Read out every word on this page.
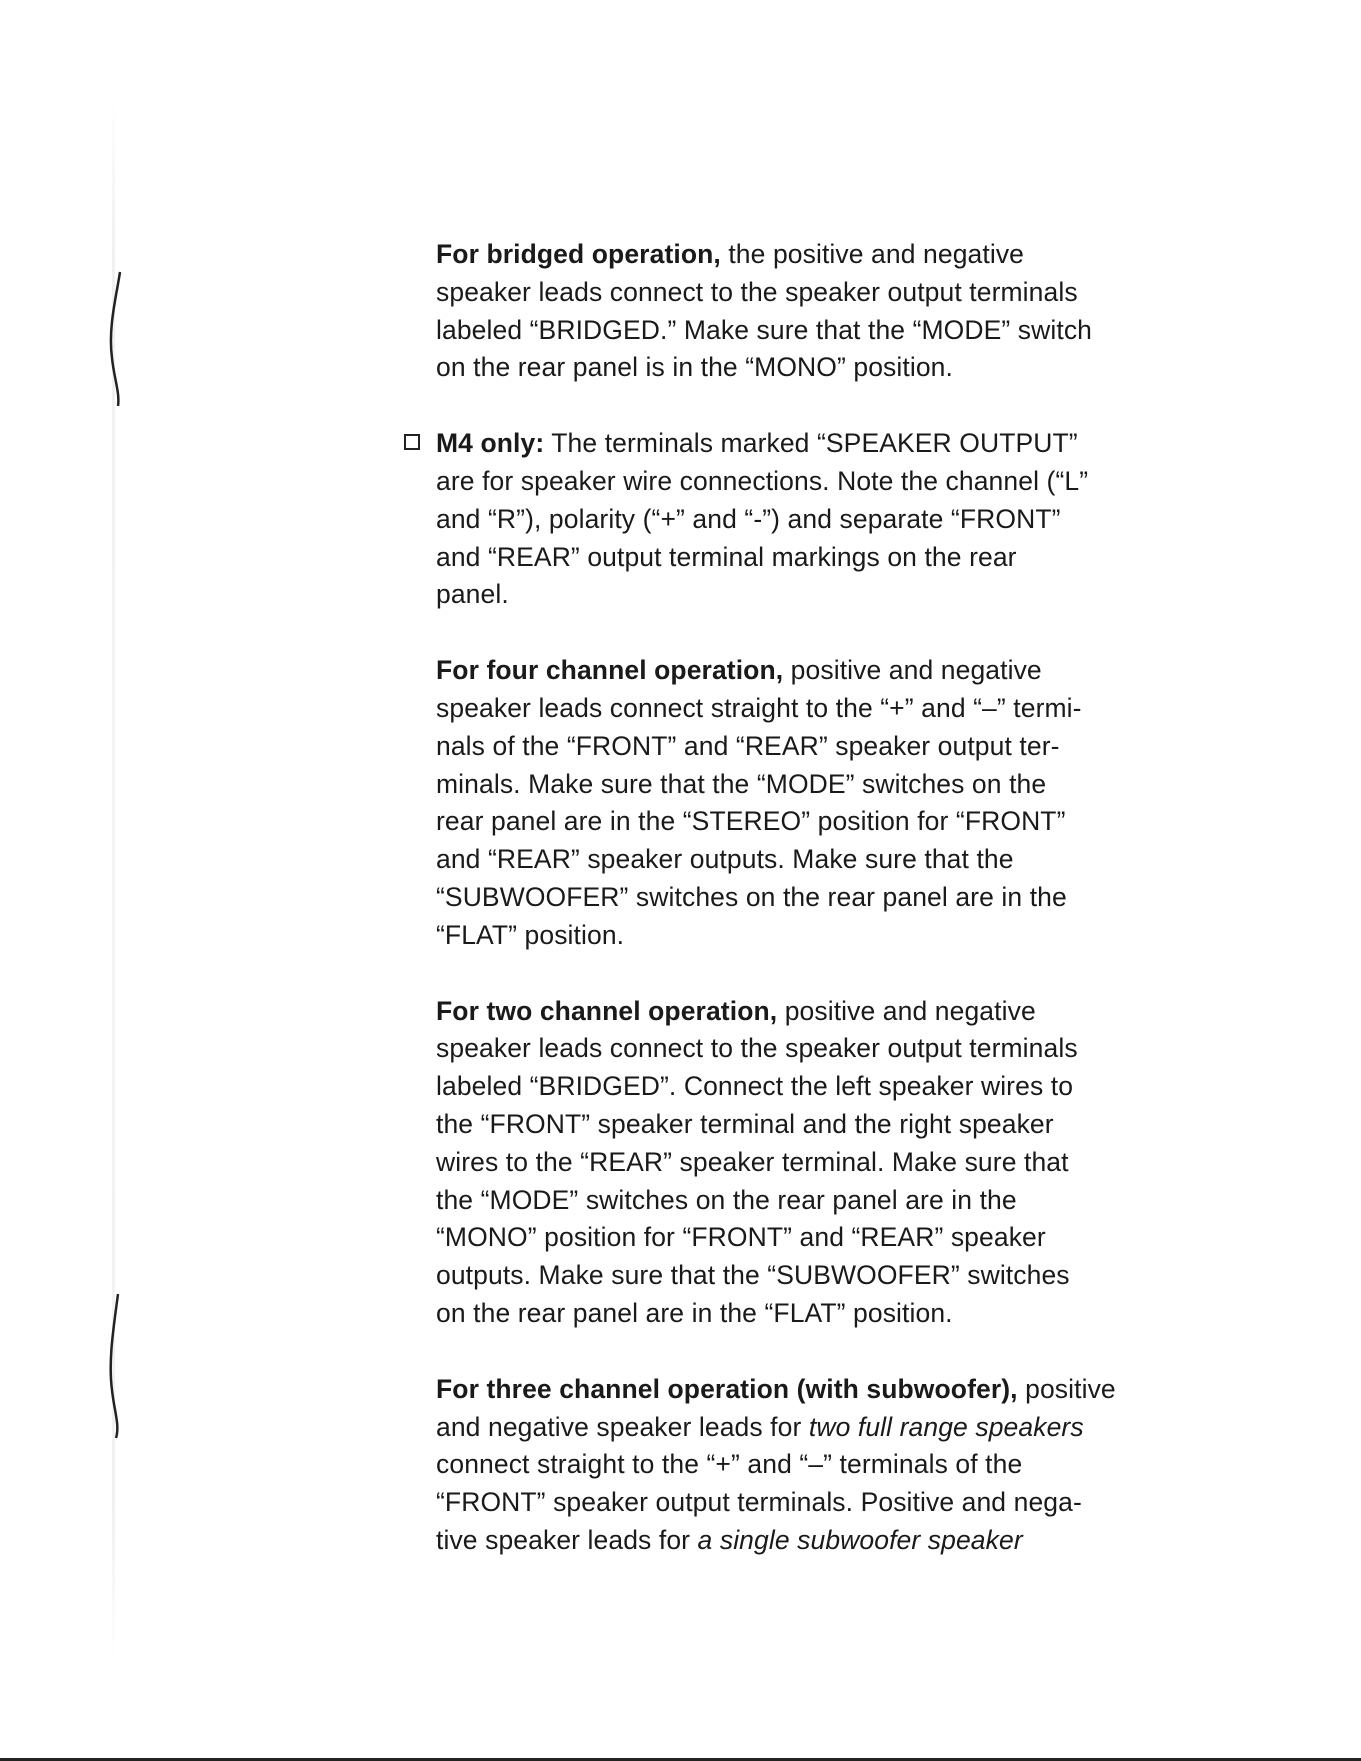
For bridged operation, the positive and negative
speaker leads connect to the speaker output terminals
labeled “BRIDGED.” Make sure that the “MODE” switch
on the rear panel is in the “MONO” position.
M4 only: The terminals marked “SPEAKER OUTPUT”
are for speaker wire connections. Note the channel (“L”
and “R”), polarity (“+” and “-”) and separate “FRONT”
and “REAR” output terminal markings on the rear
panel.
For four channel operation, positive and negative
speaker leads connect straight to the “+” and “–” termi-
nals of the “FRONT” and “REAR” speaker output ter-
minals. Make sure that the “MODE” switches on the
rear panel are in the “STEREO” position for “FRONT”
and “REAR” speaker outputs. Make sure that the
“SUBWOOFER” switches on the rear panel are in the
“FLAT” position.
For two channel operation, positive and negative
speaker leads connect to the speaker output terminals
labeled “BRIDGED”. Connect the left speaker wires to
the “FRONT” speaker terminal and the right speaker
wires to the “REAR” speaker terminal. Make sure that
the “MODE” switches on the rear panel are in the
“MONO” position for “FRONT” and “REAR” speaker
outputs. Make sure that the “SUBWOOFER” switches
on the rear panel are in the “FLAT” position.
For three channel operation (with subwoofer), positive
and negative speaker leads for two full range speakers
connect straight to the “+” and “–” terminals of the
“FRONT” speaker output terminals. Positive and nega-
tive speaker leads for a single subwoofer speaker
